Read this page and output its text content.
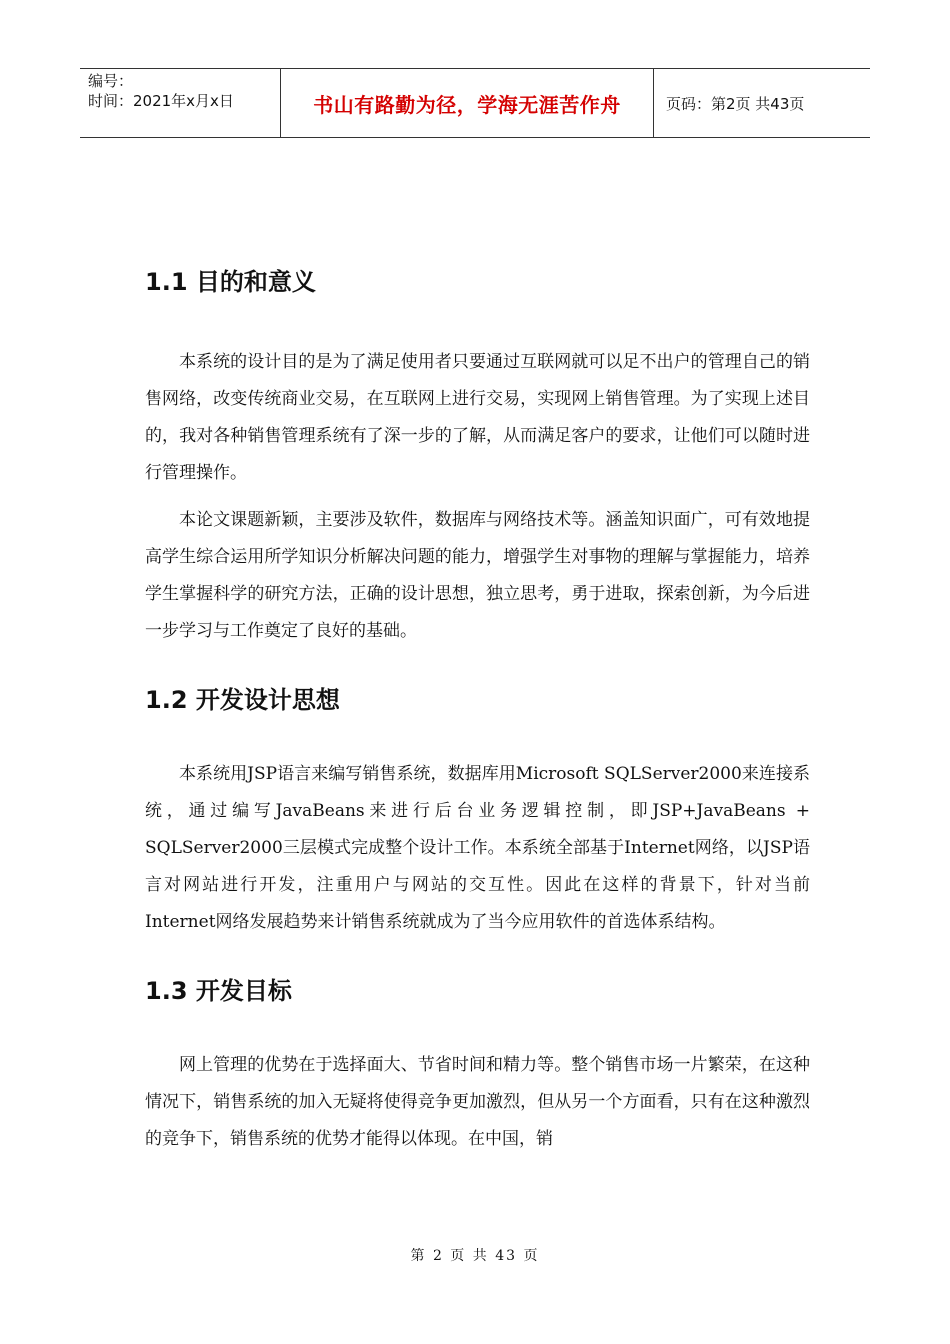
编号：
时间：2021年x月x日	书山有路勤为径，学海无涯苦作舟	页码：第2页 共43页
1.1 目的和意义

本系统的设计目的是为了满足使用者只要通过互联网就可以足不出户的管理自己的销售网络，改变传统商业交易，在互联网上进行交易，实现网上销售管理。为了实现上述目的，我对各种销售管理系统有了深一步的了解，从而满足客户的要求，让他们可以随时进行管理操作。

本论文课题新颖，主要涉及软件，数据库与网络技术等。涵盖知识面广，可有效地提高学生综合运用所学知识分析解决问题的能力，增强学生对事物的理解与掌握能力，培养学生掌握科学的研究方法，正确的设计思想，独立思考，勇于进取，探索创新，为今后进一步学习与工作奠定了良好的基础。

1.2 开发设计思想

本系统用JSP语言来编写销售系统，数据库用Microsoft SQLServer2000来连接系统，通过编写JavaBeans来进行后台业务逻辑控制，即JSP+JavaBeans + SQLServer2000三层模式完成整个设计工作。本系统全部基于Internet网络，以JSP语言对网站进行开发，注重用户与网站的交互性。因此在这样的背景下，针对当前Internet网络发展趋势来计销售系统就成为了当今应用软件的首选体系结构。

1.3 开发目标

网上管理的优势在于选择面大、节省时间和精力等。整个销售市场一片繁荣，在这种情况下，销售系统的加入无疑将使得竞争更加激烈，但从另一个方面看，只有在这种激烈的竞争下，销售系统的优势才能得以体现。在中国，销

第 2 页 共 43 页
